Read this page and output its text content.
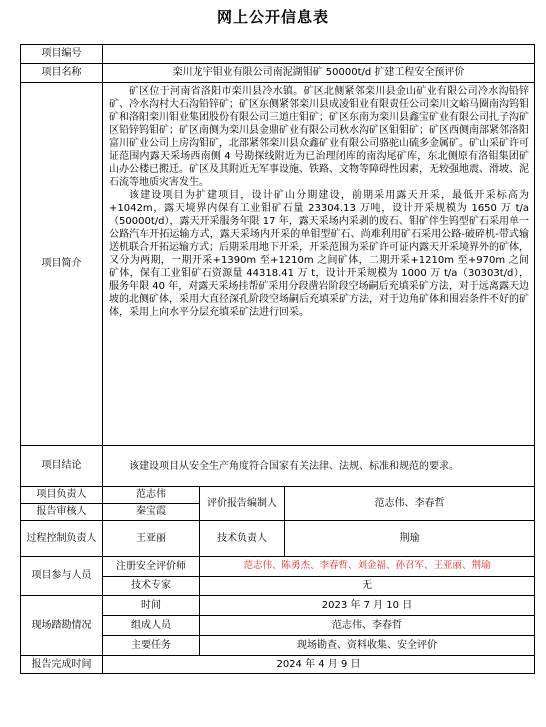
网上公开信息表
项目编号			
项目名称	栾川龙宇钼业有限公司南泥湖钼矿 50000t/d 扩建工程安全预评价		
项目简介	矿区位于河南省洛阳市栾川县冷水镇。矿区北侧紧邻栾川县金山矿业有限公司冷水沟铅锌矿、冷水沟村大石沟铅锌矿；矿区东侧紧邻栾川县成凌钼业有限责任公司栾川文峪马圈南沟钨钼矿和洛阳栾川钼业集团股份有限公司三道庄钼矿；矿区东南为栾川县鑫宝矿业有限公司扎子沟矿区铅锌钨钼矿；矿区南侧为栾川县金鼎矿业有限公司秋水沟矿区钼钼矿；矿区西侧南部紧邻洛阳富川矿业公司上房沟钼矿，北部紧邻栾川县众鑫矿业有限公司骆驼山硫多金属矿。矿山采矿许可证范围内露天采场西南侧 4 号勘探线附近为已治理闭库的南沟尾矿库，东北侧原有洛钼集团矿山办公楼已搬迁。矿区及其附近无军事设施、铁路、文物等障碍性因素，无较强地震、滑坡、泥石流等地质灾害发生。

该建设项目为扩建项目，设计矿山分期建设，前期采用露天开采，最低开采标高为+1042m，露天境界内保有工业钼矿石量 23304.13 万吨，设计开采规模为 1650 万 t/a（50000t/d），露天开采服务年限 17 年，露天采场内采剥的废石、钼矿伴生钨型矿石采用单一公路汽车开拓运输方式，露天采场内开采的单钼型矿石、尚难利用矿石采用公路-破碎机-带式输送机联合开拓运输方式；后期采用地下开采，开采范围为采矿许可证内露天开采境界外的矿体，又分为两期，一期开采+1390m 至+1210m 之间矿体，二期开采+1210m 至+970m 之间矿体，保有工业钼矿石资源量 44318.41 万 t，设计开采规模为 1000 万 t/a（30303t/d），服务年限 40 年，对露天采场挂帮矿采用分段凿岩阶段空场嗣后充填采矿方法，对于远离露天边坡的北侧矿体，采用大直径深孔阶段空场嗣后充填采矿方法，对于边角矿体和围岩条件不好的矿体，采用上向水平分层充填采矿法进行回采。		

项目结论	该建设项目从安全生产角度符合国家有关法律、法规、标准和规范的要求。		

项目负责人	范志伟	评价报告编制人	范志伟、李春哲
报告审核人	秦宝霞		
过程控制负责人	王亚丽	技术负责人	荆瑜
项目参与人员	注册安全评价师	范志伟、陈勇杰、李春哲、刘金福、孙召军、王亚丽、荆瑜	
	技术专家	无	
现场踏勘情况	时间	2023 年 7 月 10 日	
	组成人员	范志伟、李春哲	
	主要任务	现场勘查、资料收集、安全评价	
报告完成时间	2024 年 4 月 9 日		
